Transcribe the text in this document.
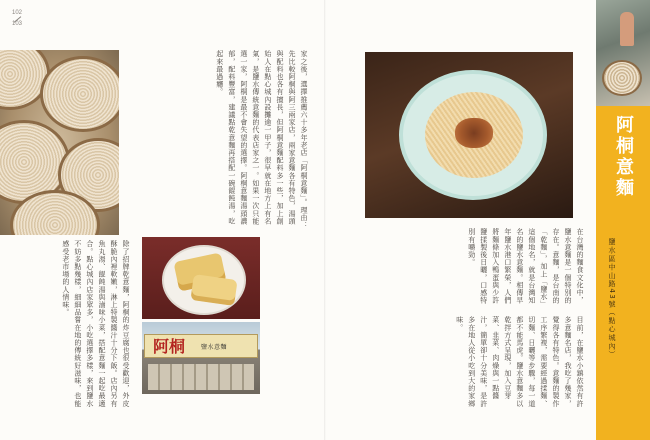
102
103
家之後，選擇推薦六十多年老店「阿桐意麵」。理由：先比較阿桐與阿三兩家店，兩家意麵各有特色，湯頭與配料也各有擅長，但阿桐意麵配料多一些，加上創始人在點心城內設攤逾一甲子，很早就在地方上有名氣，是鹽水傳統意麵的代表店家之一。如果一次只能選一家，阿桐是最不會失望的選擇。阿桐意麵湯頭濃郁，配料豐富，建議點乾意麵再搭配一碗餛飩湯，吃起來最過癮。
阿桐	鹽水意麵
除了招牌乾意麵，阿桐的炸豆腐也很受歡迎，外皮酥脆內裡軟嫩，淋上特製醬汁十分下飯。店內另有魚丸湯、餛飩湯與滷味小菜，搭配意麵一起吃最適合。點心城內店家眾多，小吃選擇多樣，來到鹽水不妨多點幾樣，細細品嘗在地的傳統好滋味，也能感受老市場的人情味。	在台灣的麵食文化中，鹽水意麵是一個特別的存在。意麵，是台南的「乾麵」，加上「鹽水」這個地名，就是台灣知名的鹽水意麵。相傳早年鹽水港口繁榮，人們將麵條加入鴨蛋與少許鹽揉製後日曬，口感特別有嚼勁。
目前，在鹽水小鎮依然有許多意麵名店，我吃了幾家，覺得各有特色。意麵的製作工序繁複，需要經過揉麵、切麵、日曬等步驟，每一道都不能馬虎。鹽水意麵多以乾拌方式呈現，加入豆芽菜、韭菜、肉燥與一點醬汁，簡單卻十分美味，是許多在地人從小吃到大的家鄉味。
阿桐意麵
鹽水區中山路43號（點心城內）
